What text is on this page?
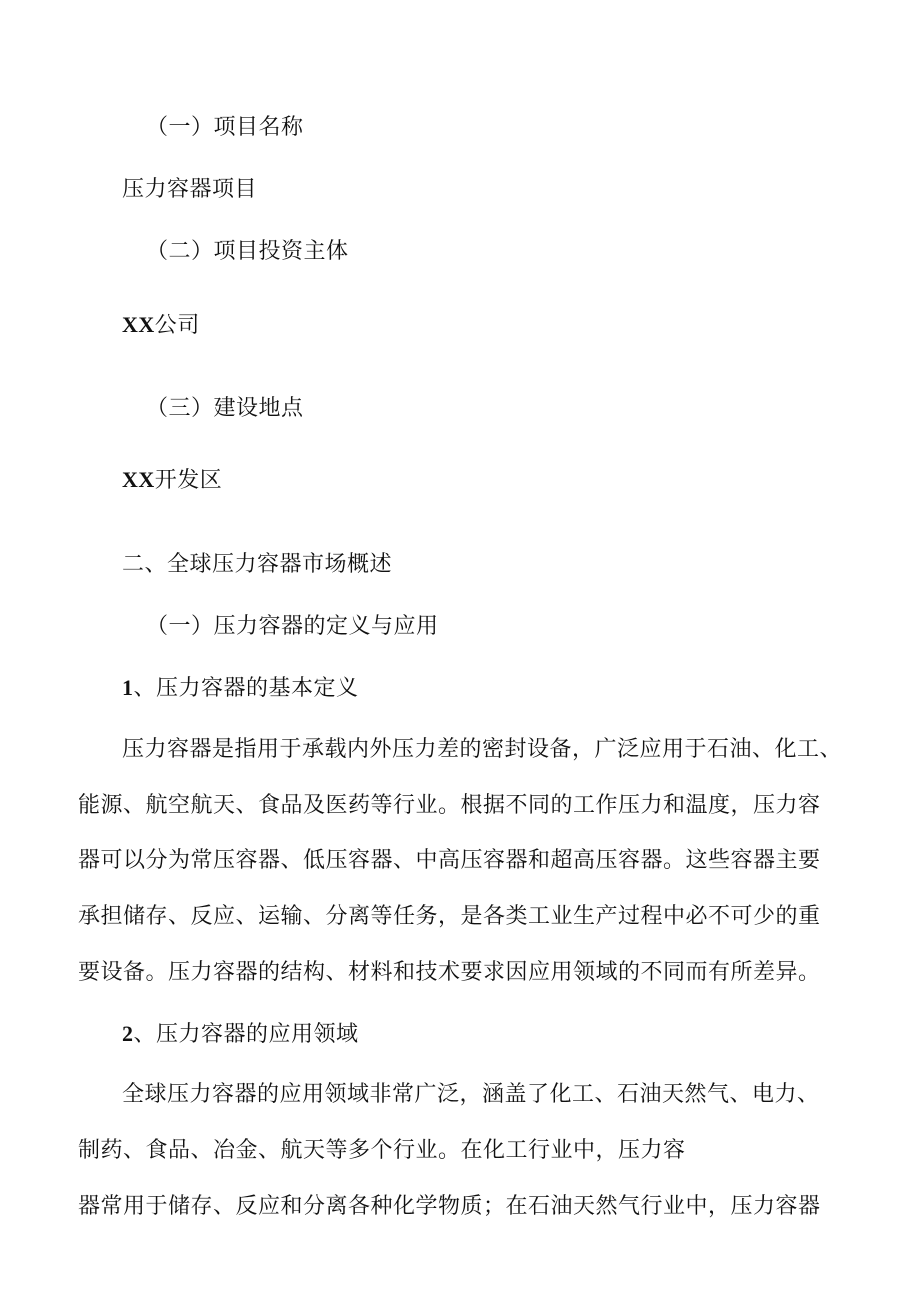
（一）项目名称
压力容器项目
（二）项目投资主体
XX公司
（三）建设地点
XX开发区
二、全球压力容器市场概述
（一）压力容器的定义与应用
1、压力容器的基本定义
压力容器是指用于承载内外压力差的密封设备，广泛应用于石油、化工、
能源、航空航天、食品及医药等行业。根据不同的工作压力和温度，压力容
器可以分为常压容器、低压容器、中高压容器和超高压容器。这些容器主要
承担储存、反应、运输、分离等任务，是各类工业生产过程中必不可少的重
要设备。压力容器的结构、材料和技术要求因应用领域的不同而有所差异。
2、压力容器的应用领域
全球压力容器的应用领域非常广泛，涵盖了化工、石油天然气、电力、
制药、食品、冶金、航天等多个行业。在化工行业中，压力容
器常用于储存、反应和分离各种化学物质；在石油天然气行业中，压力容器
